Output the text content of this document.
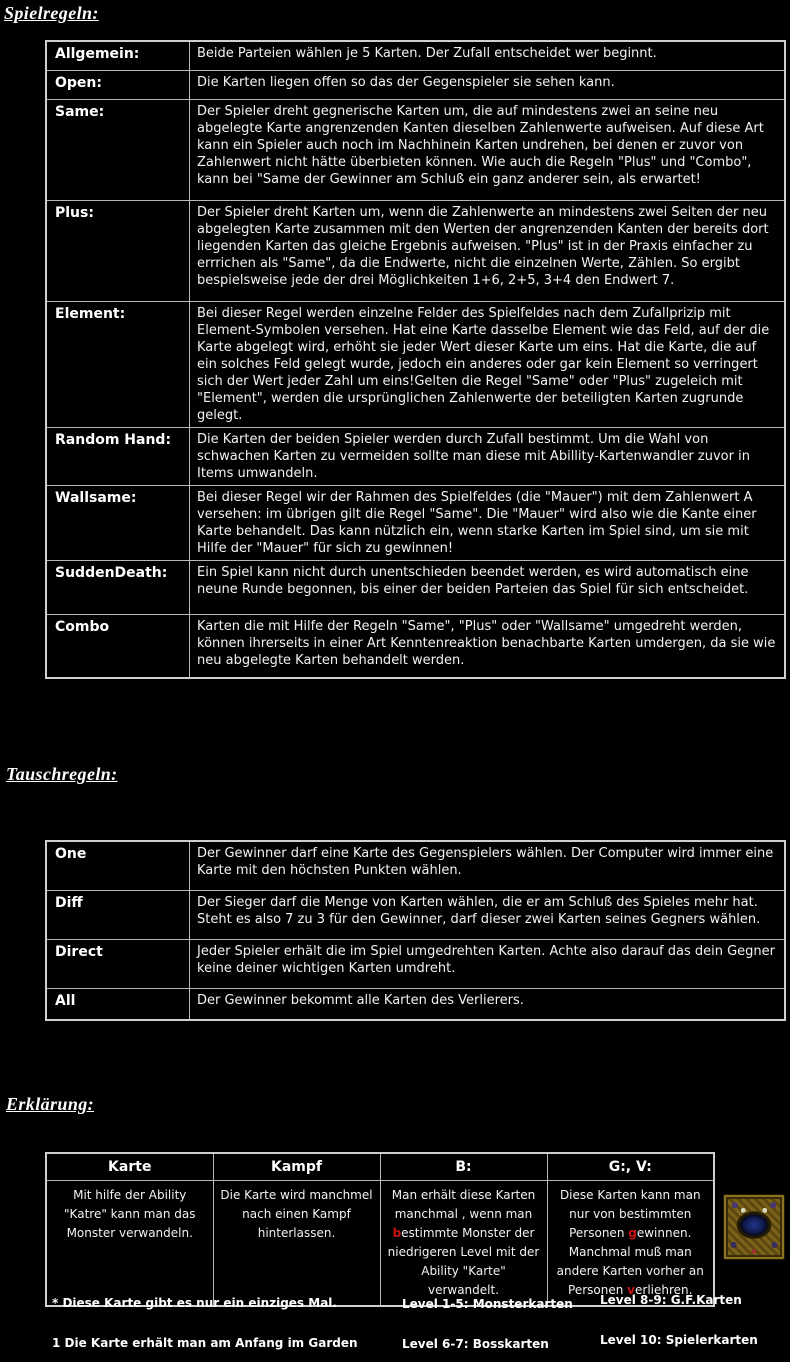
Spielregeln:
Allgemein:	Beide Parteien wählen je 5 Karten. Der Zufall entscheidet wer beginnt.
Open:	Die Karten liegen offen so das der Gegenspieler sie sehen kann.
Same:	Der Spieler dreht gegnerische Karten um, die auf mindestens zwei an seine neu abgelegte Karte angrenzenden Kanten dieselben Zahlenwerte aufweisen. Auf diese Art kann ein Spieler auch noch im Nachhinein Karten undrehen, bei denen er zuvor von Zahlenwert nicht hätte überbieten können. Wie auch die Regeln "Plus" und "Combo", kann bei "Same der Gewinner am Schluß ein ganz anderer sein, als erwartet!
Plus:	Der Spieler dreht Karten um, wenn die Zahlenwerte an mindestens zwei Seiten der neu abgelegten Karte zusammen mit den Werten der angrenzenden Kanten der bereits dort liegenden Karten das gleiche Ergebnis aufweisen. "Plus" ist in der Praxis einfacher zu errrichen als "Same", da die Endwerte, nicht die einzelnen Werte, Zählen. So ergibt bespielsweise jede der drei Möglichkeiten 1+6, 2+5, 3+4 den Endwert 7.
Element:	Bei dieser Regel werden einzelne Felder des Spielfeldes nach dem Zufallprizip mit Element-Symbolen versehen. Hat eine Karte dasselbe Element wie das Feld, auf der die Karte abgelegt wird, erhöht sie jeder Wert dieser Karte um eins. Hat die Karte, die auf ein solches Feld gelegt wurde, jedoch ein anderes oder gar kein Element so verringert sich der Wert jeder Zahl um eins!Gelten die Regel "Same" oder "Plus" zugeleich mit "Element", werden die ursprünglichen Zahlenwerte der beteiligten Karten zugrunde gelegt.
Random Hand:	Die Karten der beiden Spieler werden durch Zufall bestimmt. Um die Wahl von schwachen Karten zu vermeiden sollte man diese mit Abillity-Kartenwandler zuvor in Items umwandeln.
Wallsame:	Bei dieser Regel wir der Rahmen des Spielfeldes (die "Mauer") mit dem Zahlenwert A versehen: im übrigen gilt die Regel "Same". Die "Mauer" wird also wie die Kante einer Karte behandelt. Das kann nützlich ein, wenn starke Karten im Spiel sind, um sie mit Hilfe der "Mauer" für sich zu gewinnen!
SuddenDeath:	Ein Spiel kann nicht durch unentschieden beendet werden, es wird automatisch eine neune Runde begonnen, bis einer der beiden Parteien das Spiel für sich entscheidet.
Combo	Karten die mit Hilfe der Regeln "Same", "Plus" oder "Wallsame" umgedreht werden, können ihrerseits in einer Art Kenntenreaktion benachbarte Karten umdergen, da sie wie neu abgelegte Karten behandelt werden.
Tauschregeln:
One	Der Gewinner darf eine Karte des Gegenspielers wählen. Der Computer wird immer eine Karte mit den höchsten Punkten wählen.
Diff	Der Sieger darf die Menge von Karten wählen, die er am Schluß des Spieles mehr hat. Steht es also 7 zu 3 für den Gewinner, darf dieser zwei Karten seines Gegners wählen.
Direct	Jeder Spieler erhält die im Spiel umgedrehten Karten. Achte also darauf das dein Gegner keine deiner wichtigen Karten umdreht.
All	Der Gewinner bekommt alle Karten des Verlierers.
Erklärung:
Karte	Kampf	B:	G:, V:
Mit hilfe der Ability "Katre" kann man das Monster verwandeln.	Die Karte wird manchmel nach einen Kampf hinterlassen.	Man erhält diese Karten manchmal , wenn man bestimmte Monster der niedrigeren Level mit der Ability "Karte" verwandelt.	Diese Karten kann man nur von bestimmten Personen gewinnen. Manchmal muß man andere Karten vorher an Personen verliehren.
* Diese Karte gibt es nur ein einziges Mal.
1 Die Karte erhält man am Anfang im Garden
Level 1-5: Monsterkarten
Level 6-7: Bosskarten
Level 8-9: G.F.Karten
Level 10: Spielerkarten
